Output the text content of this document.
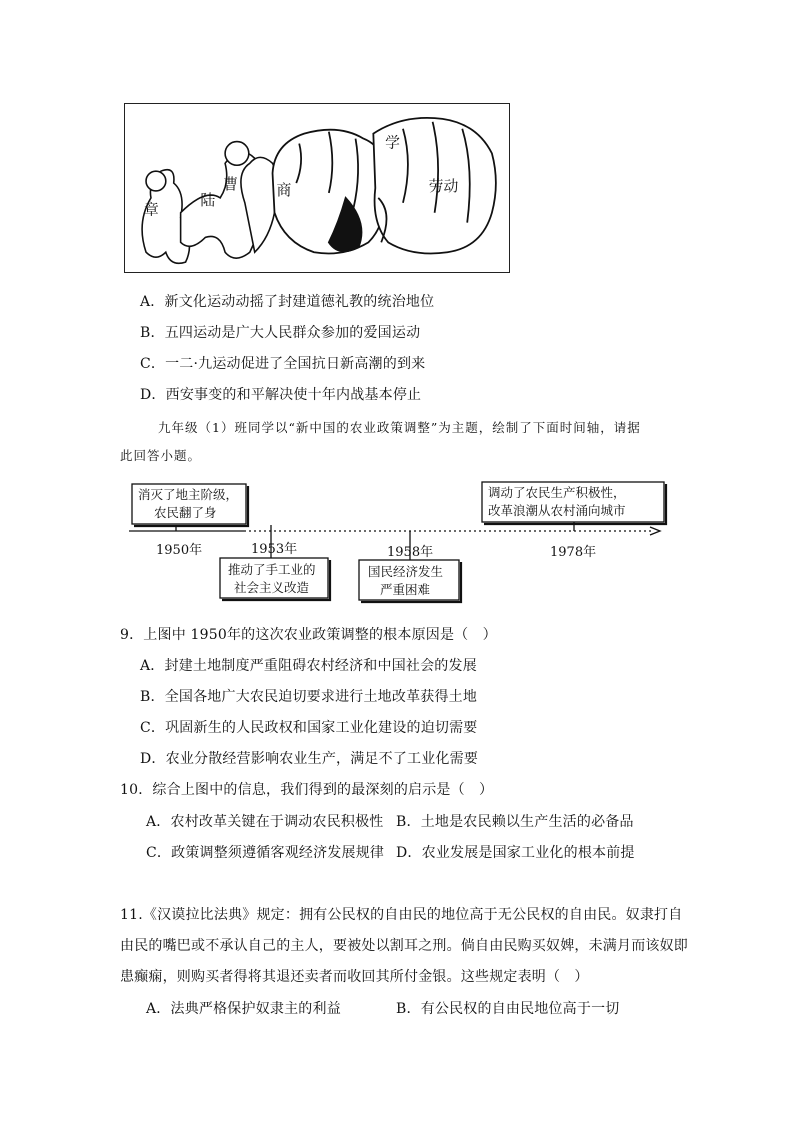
章
陆
曹	商
学
劳动
A．新文化运动动摇了封建道德礼教的统治地位
B．五四运动是广大人民群众参加的爱国运动
C．一二·九运动促进了全国抗日新高潮的到来
D．西安事变的和平解决使十年内战基本停止
九年级（1）班同学以“新中国的农业政策调整”为主题，绘制了下面时间轴，请据
此回答小题。
1950年	1953年	1958年	1978年
消灭了地主阶级，
农民翻了身
推动了手工业的
社会主义改造
国民经济发生
严重困难
调动了农民生产积极性，
改革浪潮从农村涌向城市
9．上图中 1950年的这次农业政策调整的根本原因是（　）
A．封建土地制度严重阻碍农村经济和中国社会的发展
B．全国各地广大农民迫切要求进行土地改革获得土地
C．巩固新生的人民政权和国家工业化建设的迫切需要
D．农业分散经营影响农业生产，满足不了工业化需要
10．综合上图中的信息，我们得到的最深刻的启示是（　）
A．农村改革关键在于调动农民积极性 B．土地是农民赖以生产生活的必备品
C．政策调整须遵循客观经济发展规律 D．农业发展是国家工业化的根本前提
11.《汉谟拉比法典》规定：拥有公民权的自由民的地位高于无公民权的自由民。奴隶打自
由民的嘴巴或不承认自己的主人，要被处以割耳之刑。倘自由民购买奴婢，未满月而该奴即
患癫痫，则购买者得将其退还卖者而收回其所付金银。这些规定表明（　）
A．法典严格保护奴隶主的利益	B．有公民权的自由民地位高于一切
